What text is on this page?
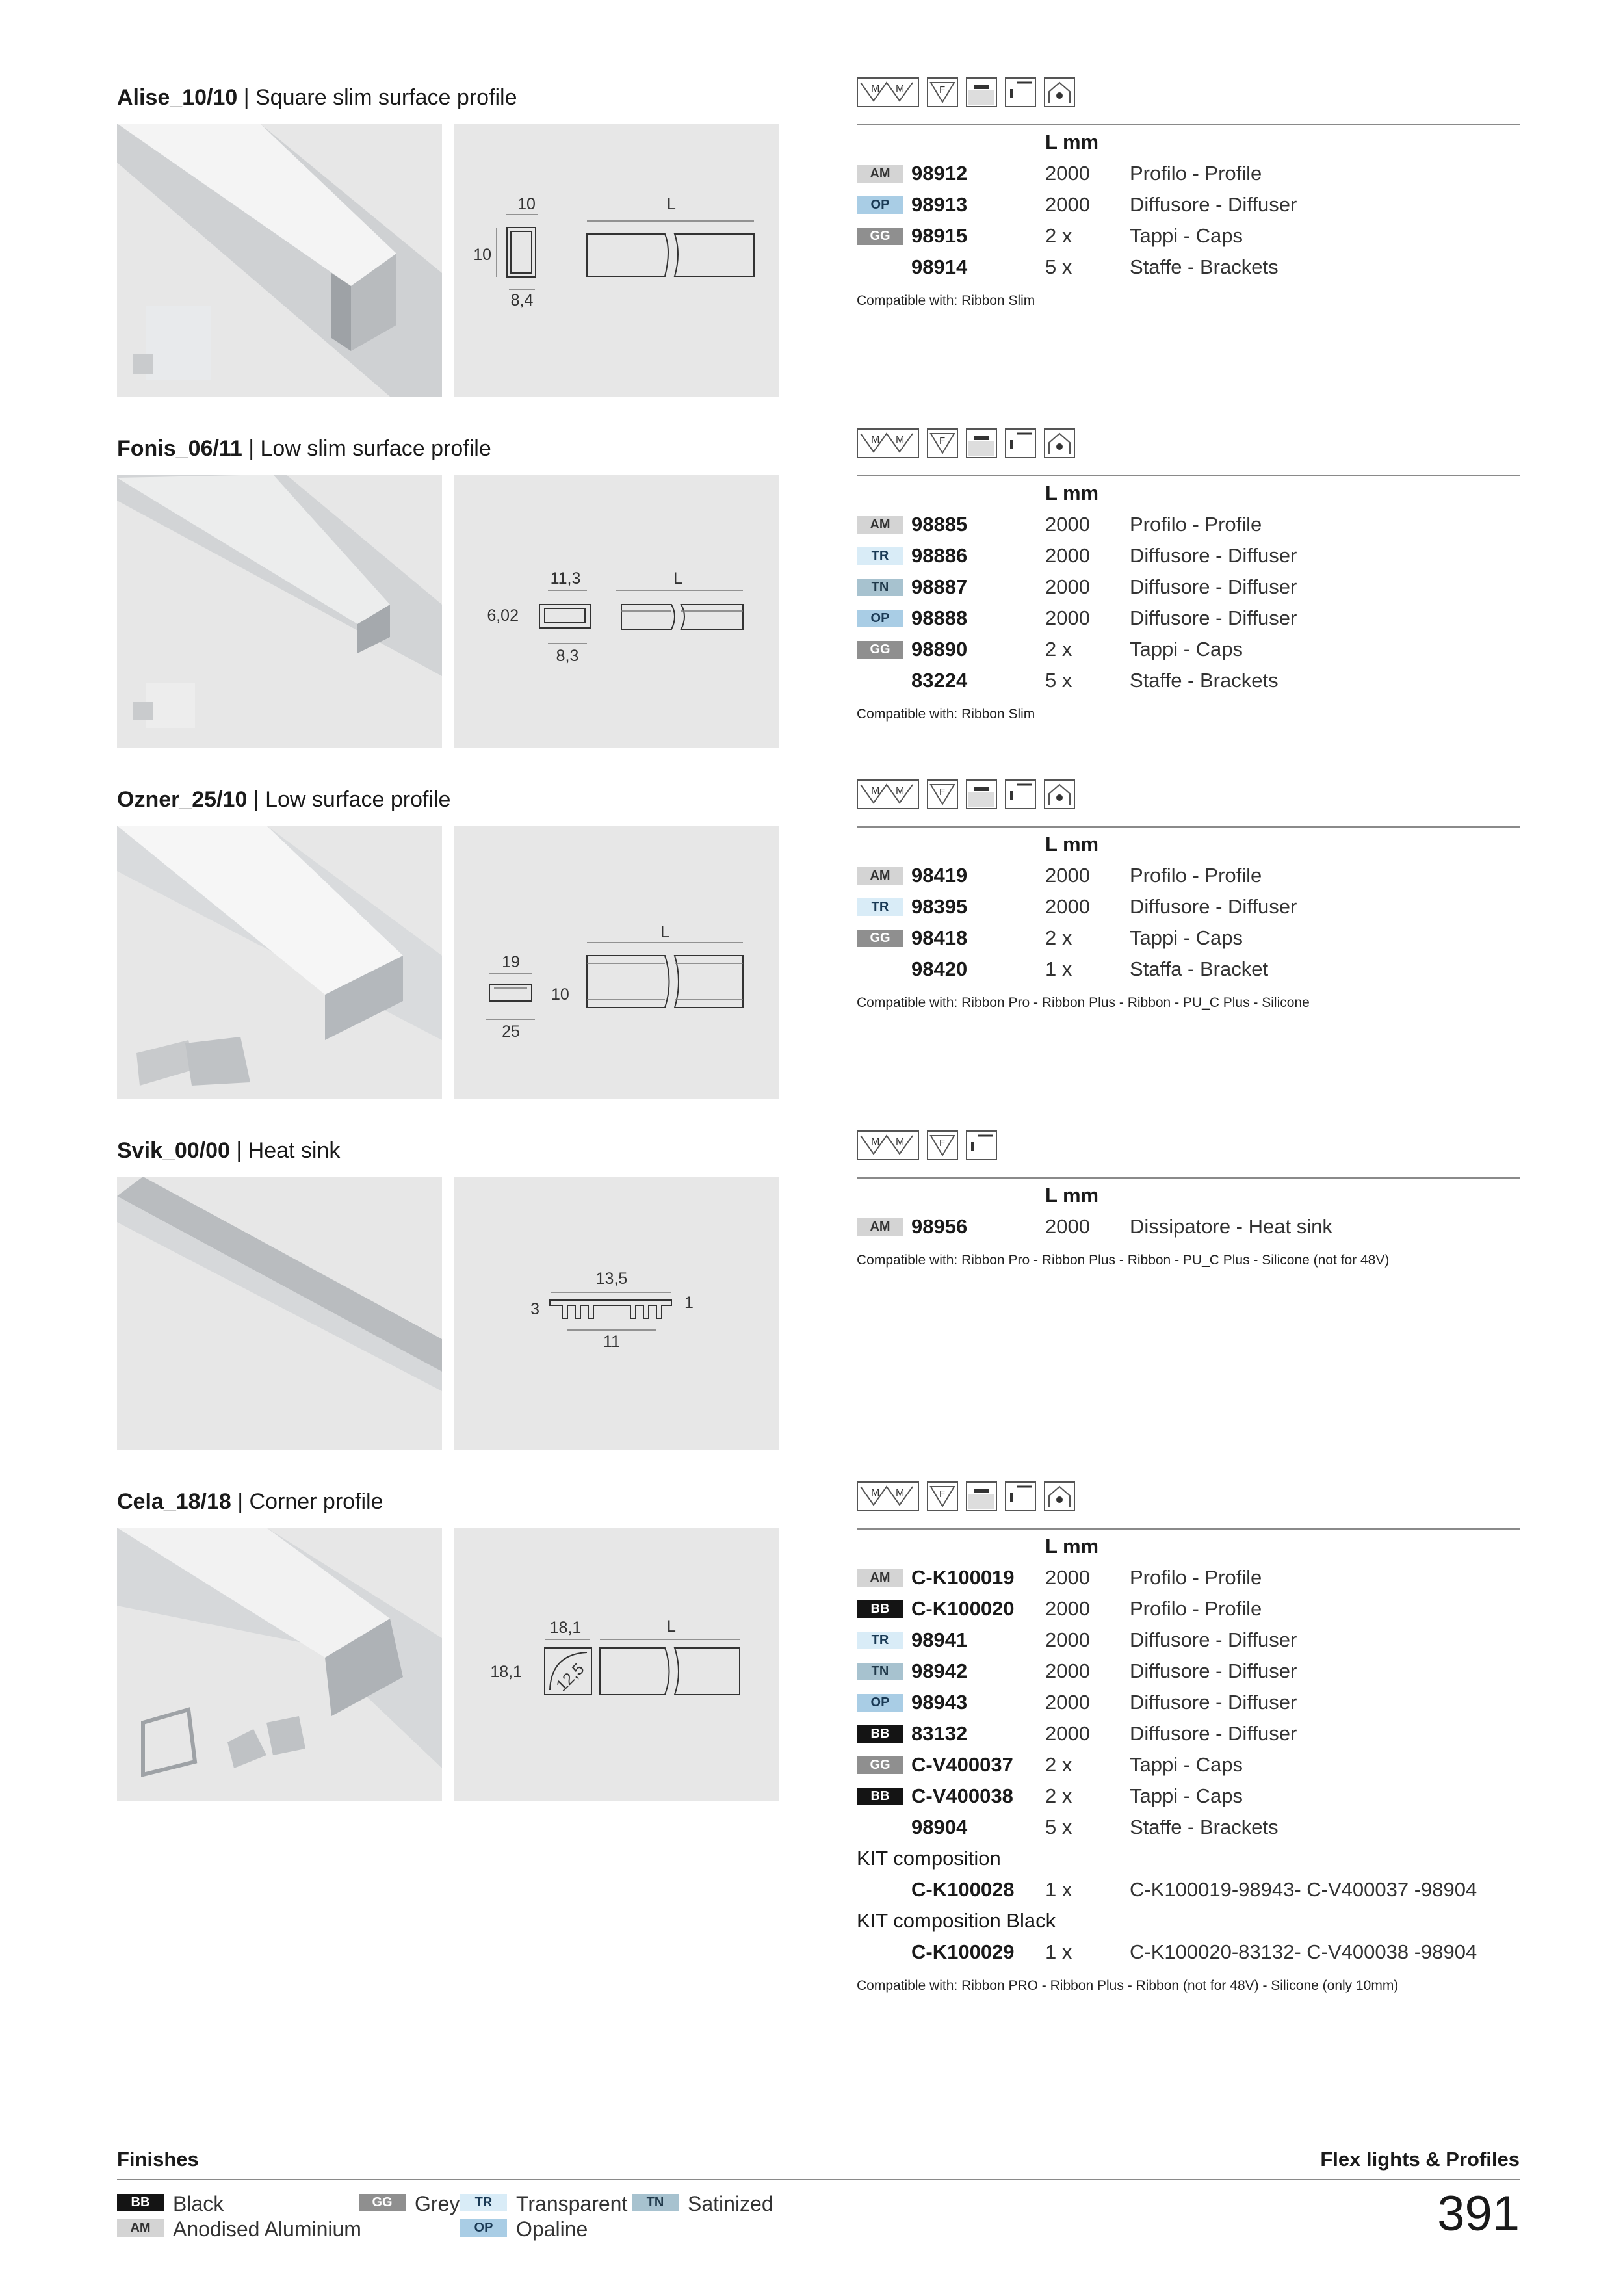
Alise_10/10 | Square slim surface profile
10
10
8,4
L
M M	F
L mm
AM	98912	2000 Profilo - Profile
OP	98913	2000 Diffusore - Diffuser
GG	98915	2 x	Tappi - Caps
98914	5 x	Staffe - Brackets
Compatible with: Ribbon Slim
Fonis_06/11 | Low slim surface profile
11,3
6,02
8,3
L
M M	F
L mm
AM	98885	2000 Profilo - Profile
TR	98886	2000 Diffusore - Diffuser
TN	98887	2000 Diffusore - Diffuser
OP	98888	2000 Diffusore - Diffuser
GG	98890	2 x	Tappi - Caps
83224	5 x	Staffe - Brackets
Compatible with: Ribbon Slim
Ozner_25/10 | Low surface profile
19
10
25
L
M M	F
L mm
AM	98419	2000 Profilo - Profile
TR	98395	2000 Diffusore - Diffuser
GG	98418	2 x	Tappi - Caps
98420	1 x	Staffa - Bracket
Compatible with: Ribbon Pro - Ribbon Plus - Ribbon - PU_C Plus - Silicone
Svik_00/00 | Heat sink
13,5
3	1
11
M M	F
L mm
AM	98956	2000 Dissipatore - Heat sink
Compatible with: Ribbon Pro - Ribbon Plus - Ribbon - PU_C Plus - Silicone (not for 48V)
Cela_18/18 | Corner profile
18,1
18,1 12,5
L
M M	F
L mm
AM	C-K100019 2000 Profilo - Profile
BB	C-K100020 2000 Profilo - Profile
TR	98941	2000 Diffusore - Diffuser
TN	98942	2000 Diffusore - Diffuser
OP	98943	2000 Diffusore - Diffuser
BB	83132	2000 Diffusore - Diffuser
GG	C-V400037 2 x	Tappi - Caps
BB	C-V400038 2 x	Tappi - Caps
98904	5 x	Staffe - Brackets
KIT composition
C-K100028 1 x	C-K100019-98943- C-V400037 -98904
KIT composition Black
C-K100029 1 x	C-K100020-83132- C-V400038 -98904
Compatible with: Ribbon PRO - Ribbon Plus - Ribbon (not for 48V) - Silicone (only 10mm)
Finishes	Flex lights & Profiles
391
BB Black
AM Anodised Aluminium
GG Grey	TR Transparent
OP Opaline
TN Satinized
